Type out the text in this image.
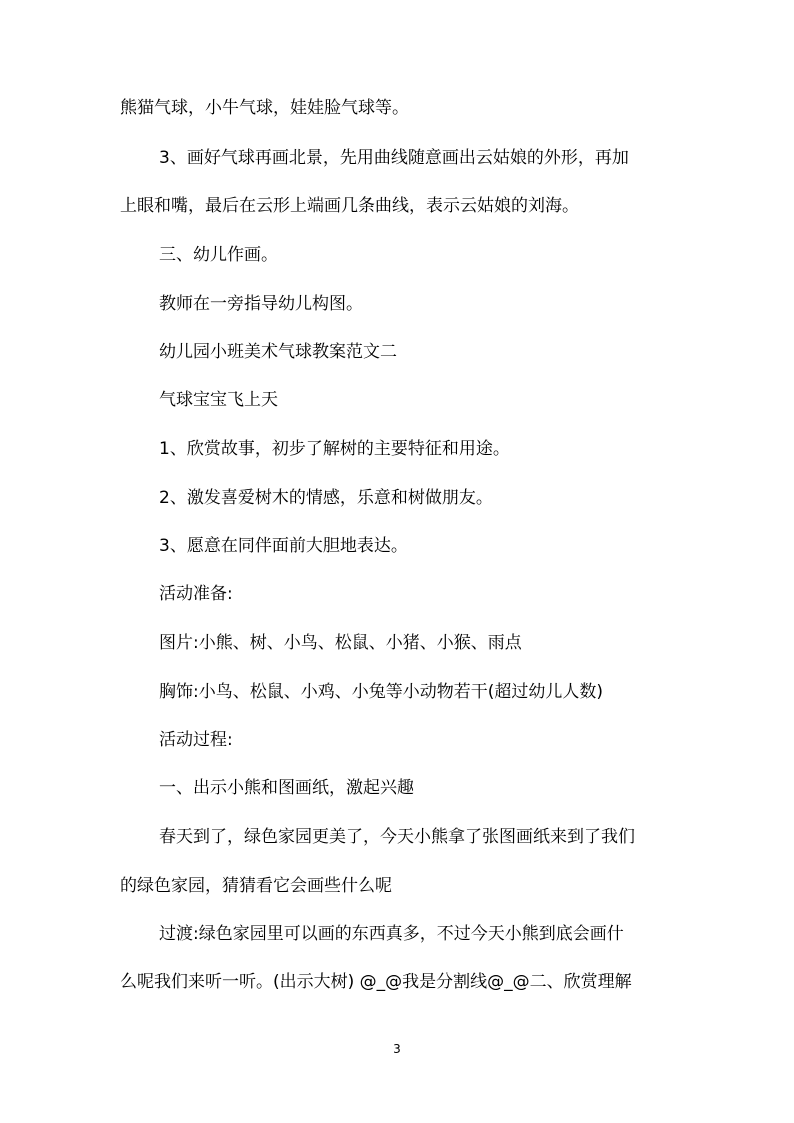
熊猫气球，小牛气球，娃娃脸气球等。

3、画好气球再画北景，先用曲线随意画出云姑娘的外形，再加

上眼和嘴，最后在云形上端画几条曲线，表示云姑娘的刘海。

三、幼儿作画。

教师在一旁指导幼儿构图。

幼儿园小班美术气球教案范文二

气球宝宝飞上天

1、欣赏故事，初步了解树的主要特征和用途。

2、激发喜爱树木的情感，乐意和树做朋友。

3、愿意在同伴面前大胆地表达。

活动准备:

图片:小熊、树、小鸟、松鼠、小猪、小猴、雨点

胸饰:小鸟、松鼠、小鸡、小兔等小动物若干(超过幼儿人数)

活动过程:

一、出示小熊和图画纸，激起兴趣

春天到了，绿色家园更美了，今天小熊拿了张图画纸来到了我们

的绿色家园，猜猜看它会画些什么呢

过渡:绿色家园里可以画的东西真多，不过今天小熊到底会画什

么呢我们来听一听。(出示大树) @_@我是分割线@_@二、欣赏理解

3
